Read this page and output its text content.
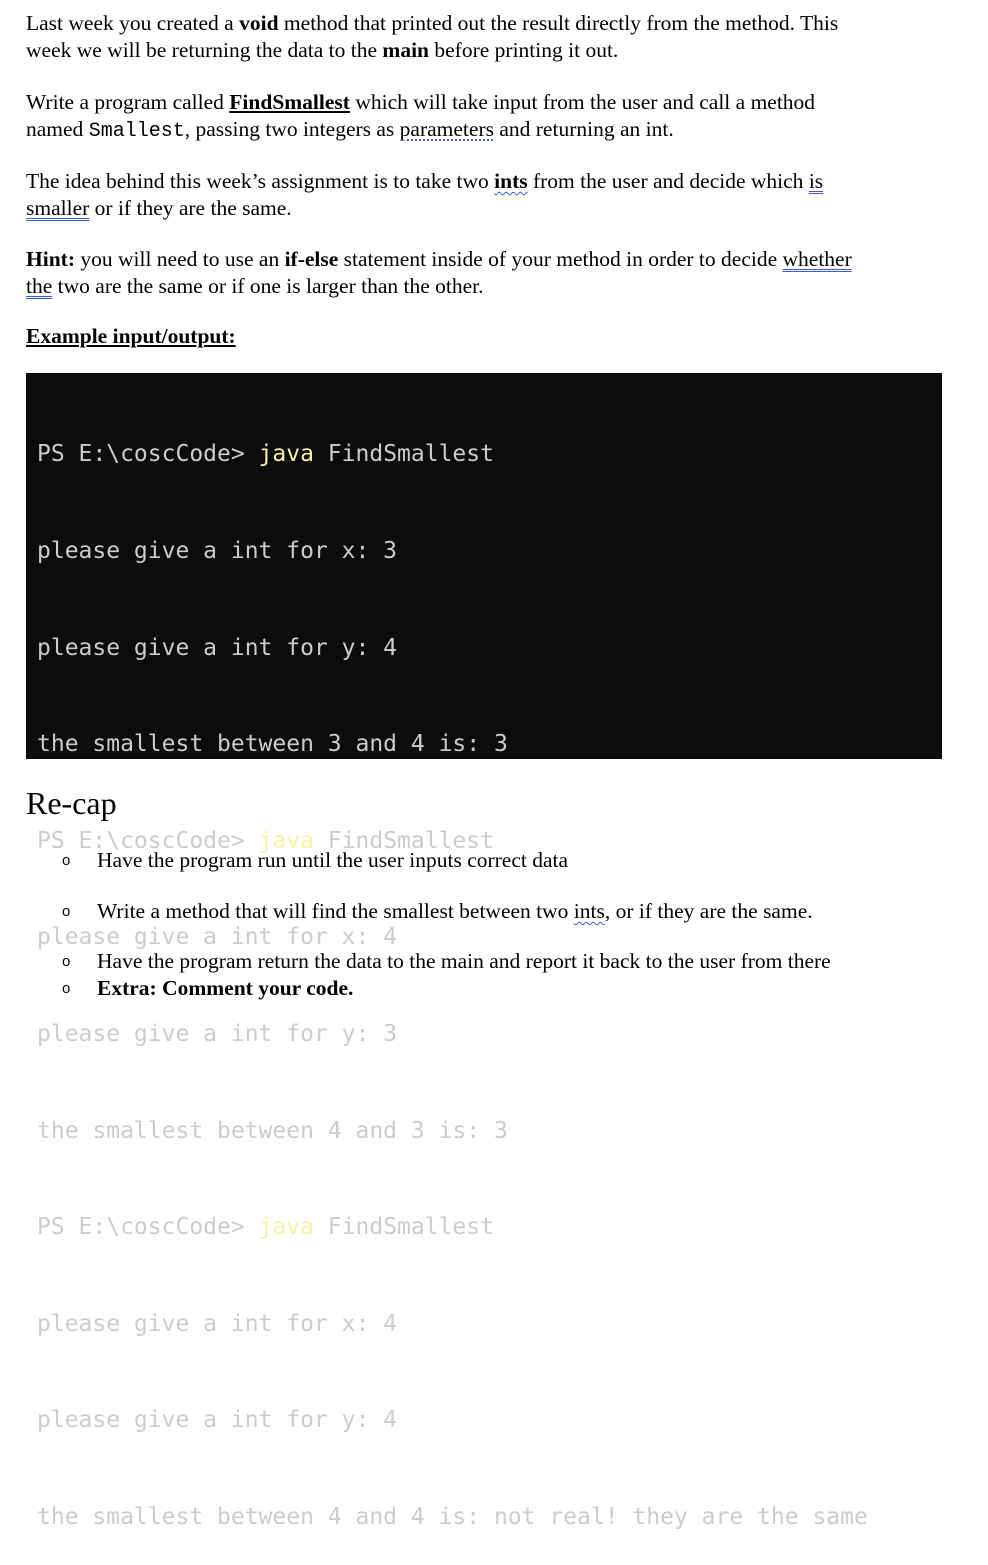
Last week you created a void method that printed out the result directly from the method. This
week we will be returning the data to the main before printing it out.

Write a program called FindSmallest which will take input from the user and call a method
named Smallest, passing two integers as parameters and returning an int.

The idea behind this week’s assignment is to take two ints from the user and decide which is
smaller or if they are the same.

Hint: you will need to use an if-else statement inside of your method in order to decide whether
the two are the same or if one is larger than the other.

Example input/output:

PS E:\coscCode> java FindSmallest

please give a int for x: 3

please give a int for y: 4

the smallest between 3 and 4 is: 3

PS E:\coscCode> java FindSmallest

please give a int for x: 4

please give a int for y: 3

the smallest between 4 and 3 is: 3

PS E:\coscCode> java FindSmallest

please give a int for x: 4

please give a int for y: 4

the smallest between 4 and 4 is: not real! they are the same

Re-cap
o Have the program run until the user inputs correct data
o Write a method that will find the smallest between two ints, or if they are the same.
o Have the program return the data to the main and report it back to the user from there
o Extra: Comment your code.
